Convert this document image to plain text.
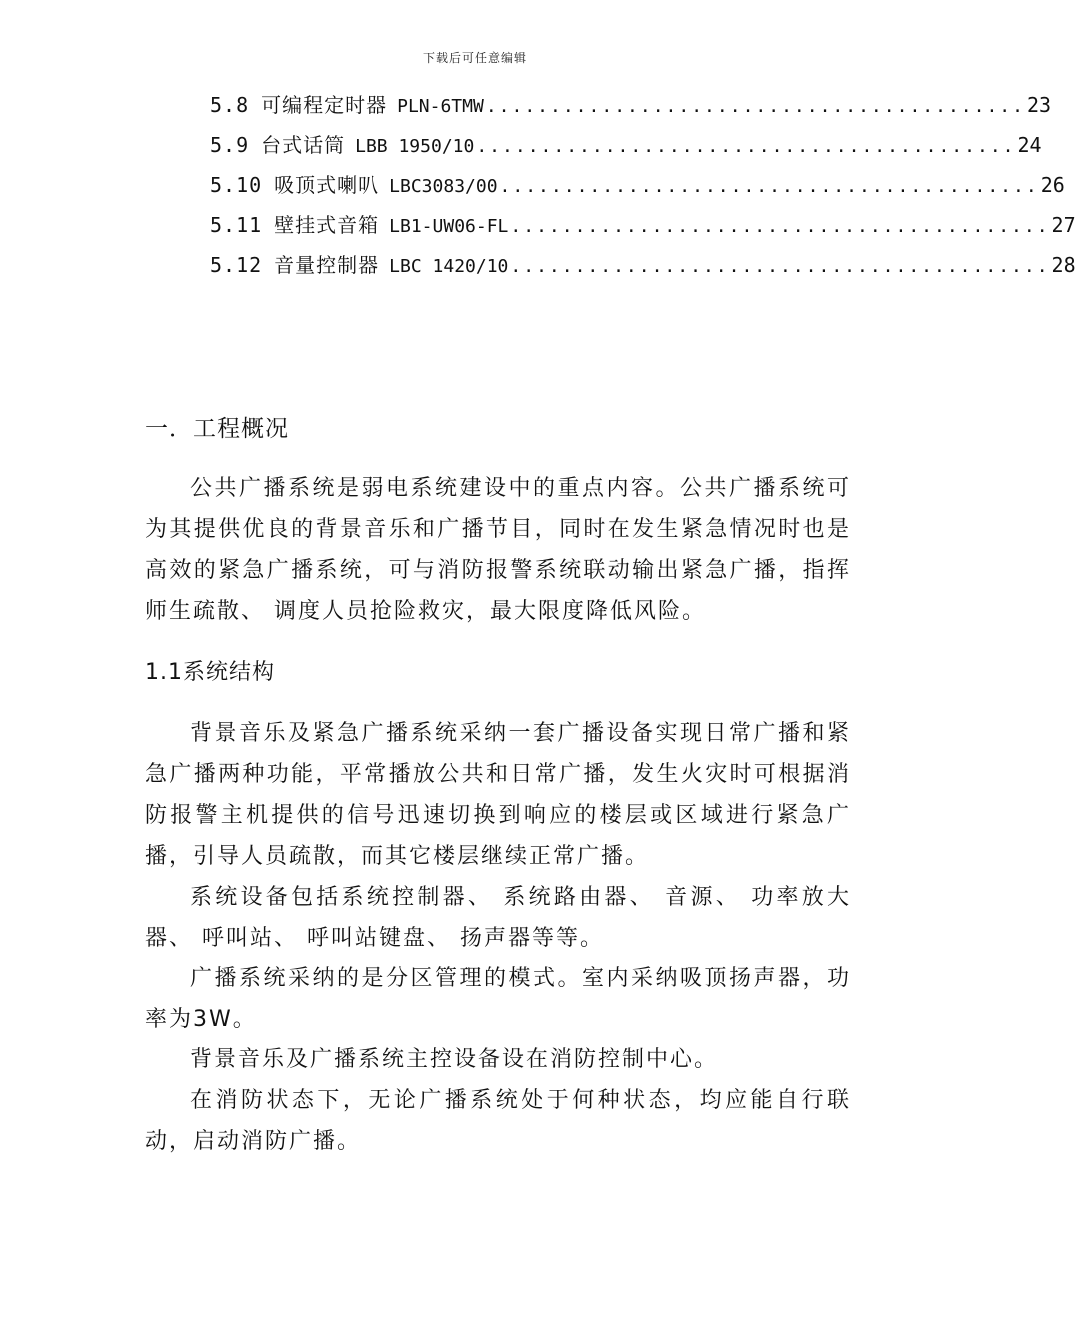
下载后可任意编辑
5.8 可编程定时器 PLN-6TMW .......................................... 23
5.9 台式话筒 LBB 1950/10 .......................................... 24
5.10 吸顶式喇叭 LBC3083/00 .......................................... 26
5.11 壁挂式音箱 LB1-UW06-FL .......................................... 27
5.12 音量控制器 LBC 1420/10 .......................................... 28
一．工程概况

公共广播系统是弱电系统建设中的重点内容。公共广播系统可为其提供优良的背景音乐和广播节目，同时在发生紧急情况时也是高效的紧急广播系统，可与消防报警系统联动输出紧急广播，指挥师生疏散、 调度人员抢险救灾，最大限度降低风险。

1.1系统结构

背景音乐及紧急广播系统采纳一套广播设备实现日常广播和紧急广播两种功能，平常播放公共和日常广播，发生火灾时可根据消防报警主机提供的信号迅速切换到响应的楼层或区域进行紧急广播，引导人员疏散，而其它楼层继续正常广播。

系统设备包括系统控制器、 系统路由器、 音源、 功率放大器、 呼叫站、 呼叫站键盘、 扬声器等等。

广播系统采纳的是分区管理的模式。室内采纳吸顶扬声器，功率为3W。

背景音乐及广播系统主控设备设在消防控制中心。

在消防状态下，无论广播系统处于何种状态，均应能自行联动，启动消防广播。
